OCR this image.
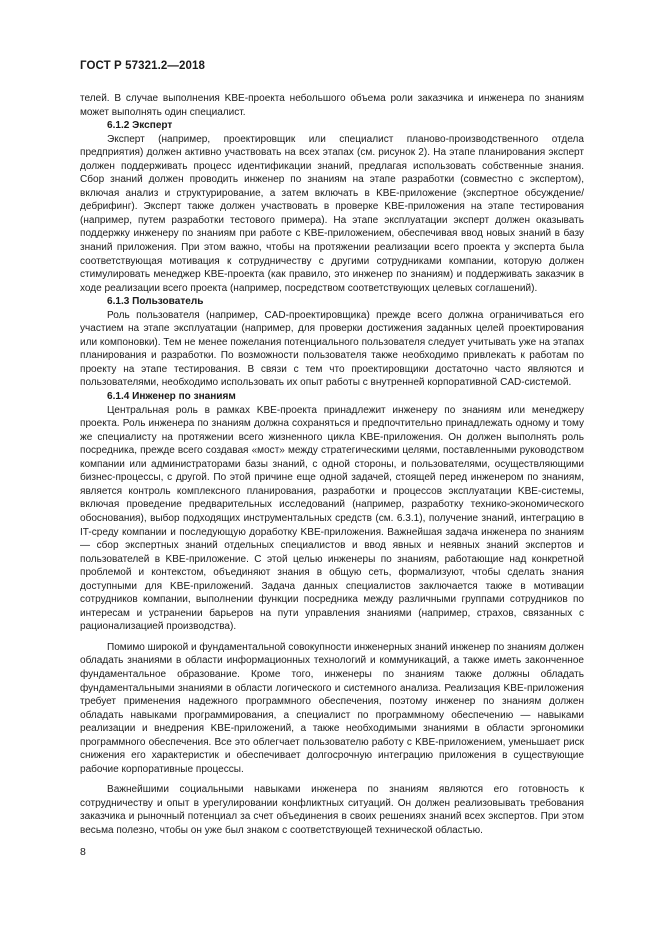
ГОСТ Р 57321.2—2018

телей. В случае выполнения KBE-проекта небольшого объема роли заказчика и инженера по знаниям может выполнять один специалист.

6.1.2 Эксперт

Эксперт (например, проектировщик или специалист планово-производственного отдела предприятия) должен активно участвовать на всех этапах (см. рисунок 2). На этапе планирования эксперт должен поддерживать процесс идентификации знаний, предлагая использовать собственные знания. Сбор знаний должен проводить инженер по знаниям на этапе разработки (совместно с экспертом), включая анализ и структурирование, а затем включать в KBE-приложение (экспертное обсуждение/дебрифинг). Эксперт также должен участвовать в проверке KBE-приложения на этапе тестирования (например, путем разработки тестового примера). На этапе эксплуатации эксперт должен оказывать поддержку инженеру по знаниям при работе с KBE-приложением, обеспечивая ввод новых знаний в базу знаний приложения. При этом важно, чтобы на протяжении реализации всего проекта у эксперта была соответствующая мотивация к сотрудничеству с другими сотрудниками компании, которую должен стимулировать менеджер KBE-проекта (как правило, это инженер по знаниям) и поддерживать заказчик в ходе реализации всего проекта (например, посредством соответствующих целевых соглашений).

6.1.3 Пользователь

Роль пользователя (например, CAD-проектировщика) прежде всего должна ограничиваться его участием на этапе эксплуатации (например, для проверки достижения заданных целей проектирования или компоновки). Тем не менее пожелания потенциального пользователя следует учитывать уже на этапах планирования и разработки. По возможности пользователя также необходимо привлекать к работам по проекту на этапе тестирования. В связи с тем что проектировщики достаточно часто являются и пользователями, необходимо использовать их опыт работы с внутренней корпоративной CAD-системой.

6.1.4 Инженер по знаниям

Центральная роль в рамках KBE-проекта принадлежит инженеру по знаниям или менеджеру проекта. Роль инженера по знаниям должна сохраняться и предпочтительно принадлежать одному и тому же специалисту на протяжении всего жизненного цикла KBE-приложения. Он должен выполнять роль посредника, прежде всего создавая «мост» между стратегическими целями, поставленными руководством компании или администраторами базы знаний, с одной стороны, и пользователями, осуществляющими бизнес-процессы, с другой. По этой причине еще одной задачей, стоящей перед инженером по знаниям, является контроль комплексного планирования, разработки и процессов эксплуатации KBE-системы, включая проведение предварительных исследований (например, разработку технико-экономического обоснования), выбор подходящих инструментальных средств (см. 6.3.1), получение знаний, интеграцию в IT-среду компании и последующую доработку KBE-приложения. Важнейшая задача инженера по знаниям — сбор экспертных знаний отдельных специалистов и ввод явных и неявных знаний экспертов и пользователей в KBE-приложение. С этой целью инженеры по знаниям, работающие над конкретной проблемой и контекстом, объединяют знания в общую сеть, формализуют, чтобы сделать знания доступными для KBE-приложений. Задача данных специалистов заключается также в мотивации сотрудников компании, выполнении функции посредника между различными группами сотрудников по интересам и устранении барьеров на пути управления знаниями (например, страхов, связанных с рационализацией производства).

Помимо широкой и фундаментальной совокупности инженерных знаний инженер по знаниям должен обладать знаниями в области информационных технологий и коммуникаций, а также иметь законченное фундаментальное образование. Кроме того, инженеры по знаниям также должны обладать фундаментальными знаниями в области логического и системного анализа. Реализация KBE-приложения требует применения надежного программного обеспечения, поэтому инженер по знаниям должен обладать навыками программирования, а специалист по программному обеспечению — навыками реализации и внедрения KBE-приложений, а также необходимыми знаниями в области эргономики программного обеспечения. Все это облегчает пользователю работу с KBE-приложением, уменьшает риск снижения его характеристик и обеспечивает долгосрочную интеграцию приложения в существующие рабочие корпоративные процессы.

Важнейшими социальными навыками инженера по знаниям являются его готовность к сотрудничеству и опыт в урегулировании конфликтных ситуаций. Он должен реализовывать требования заказчика и рыночный потенциал за счет объединения в своих решениях знаний всех экспертов. При этом весьма полезно, чтобы он уже был знаком с соответствующей технической областью.

8
